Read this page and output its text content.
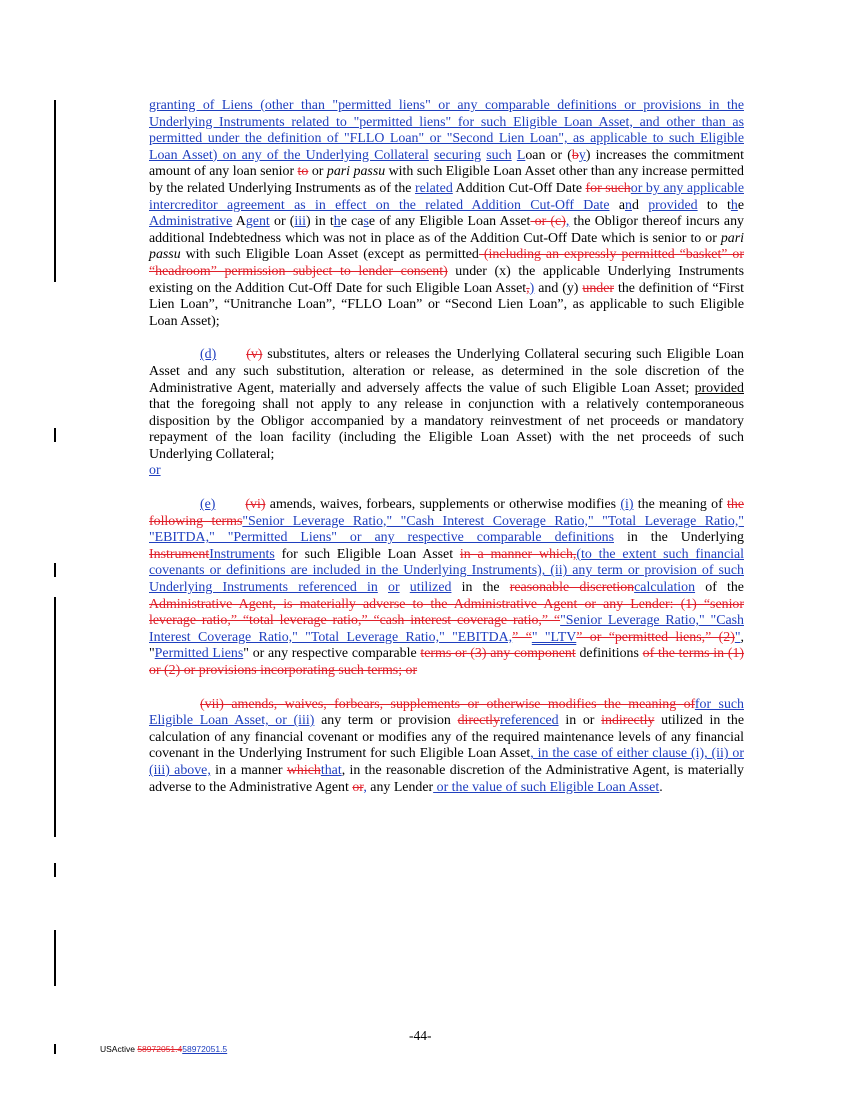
granting of Liens (other than "permitted liens" or any comparable definitions or provisions in the Underlying Instruments related to "permitted liens" for such Eligible Loan Asset, and other than as permitted under the definition of "FLLO Loan" or "Second Lien Loan", as applicable to such Eligible Loan Asset) on any of the Underlying Collateral securing such Loan or (by) increases the commitment amount of any loan senior to or pari passu with such Eligible Loan Asset other than any increase permitted by the related Underlying Instruments as of the related Addition Cut-Off Date for suchor by any applicable intercreditor agreement as in effect on the related Addition Cut-Off Date and provided to the Administrative Agent or (iii) in the case of any Eligible Loan Asset or (c), the Obligor thereof incurs any additional Indebtedness which was not in place as of the Addition Cut-Off Date which is senior to or pari passu with such Eligible Loan Asset (except as permitted (including an expressly permitted “basket” or “headroom” permission subject to lender consent) under (x) the applicable Underlying Instruments existing on the Addition Cut-Off Date for such Eligible Loan Asset,) and (y) under the definition of “First Lien Loan”, “Unitranche Loan”, “FLLO Loan” or “Second Lien Loan”, as applicable to such Eligible Loan Asset);

(d) (v) substitutes, alters or releases the Underlying Collateral securing such Eligible Loan Asset and any such substitution, alteration or release, as determined in the sole discretion of the Administrative Agent, materially and adversely affects the value of such Eligible Loan Asset; provided that the foregoing shall not apply to any release in conjunction with a relatively contemporaneous disposition by the Obligor accompanied by a mandatory reinvestment of net proceeds or mandatory repayment of the loan facility (including the Eligible Loan Asset) with the net proceeds of such Underlying Collateral;
or

(e) (vi) amends, waives, forbears, supplements or otherwise modifies (i) the meaning of the following terms"Senior Leverage Ratio," "Cash Interest Coverage Ratio," "Total Leverage Ratio," "EBITDA," "Permitted Liens" or any respective comparable definitions in the Underlying InstrumentInstruments for such Eligible Loan Asset in a manner which,(to the extent such financial covenants or definitions are included in the Underlying Instruments), (ii) any term or provision of such Underlying Instruments referenced in or utilized in the reasonable discretioncalculation of the Administrative Agent, is materially adverse to the Administrative Agent or any Lender: (1) “senior leverage ratio,” “total leverage ratio,” “cash interest coverage ratio,” “"Senior Leverage Ratio," "Cash Interest Coverage Ratio," "Total Leverage Ratio," "EBITDA,” “" "LTV” or “permitted liens,” (2)", "Permitted Liens" or any respective comparable terms or (3) any component definitions of the terms in (1) or (2) or provisions incorporating such terms; or

(vii) amends, waives, forbears, supplements or otherwise modifies the meaning offor such Eligible Loan Asset, or (iii) any term or provision directlyreferenced in or indirectly utilized in the calculation of any financial covenant or modifies any of the required maintenance levels of any financial covenant in the Underlying Instrument for such Eligible Loan Asset, in the case of either clause (i), (ii) or (iii) above, in a manner whichthat, in the reasonable discretion of the Administrative Agent, is materially adverse to the Administrative Agent or, any Lender or the value of such Eligible Loan Asset.

-44-
USActive 58972051.458972051.5
